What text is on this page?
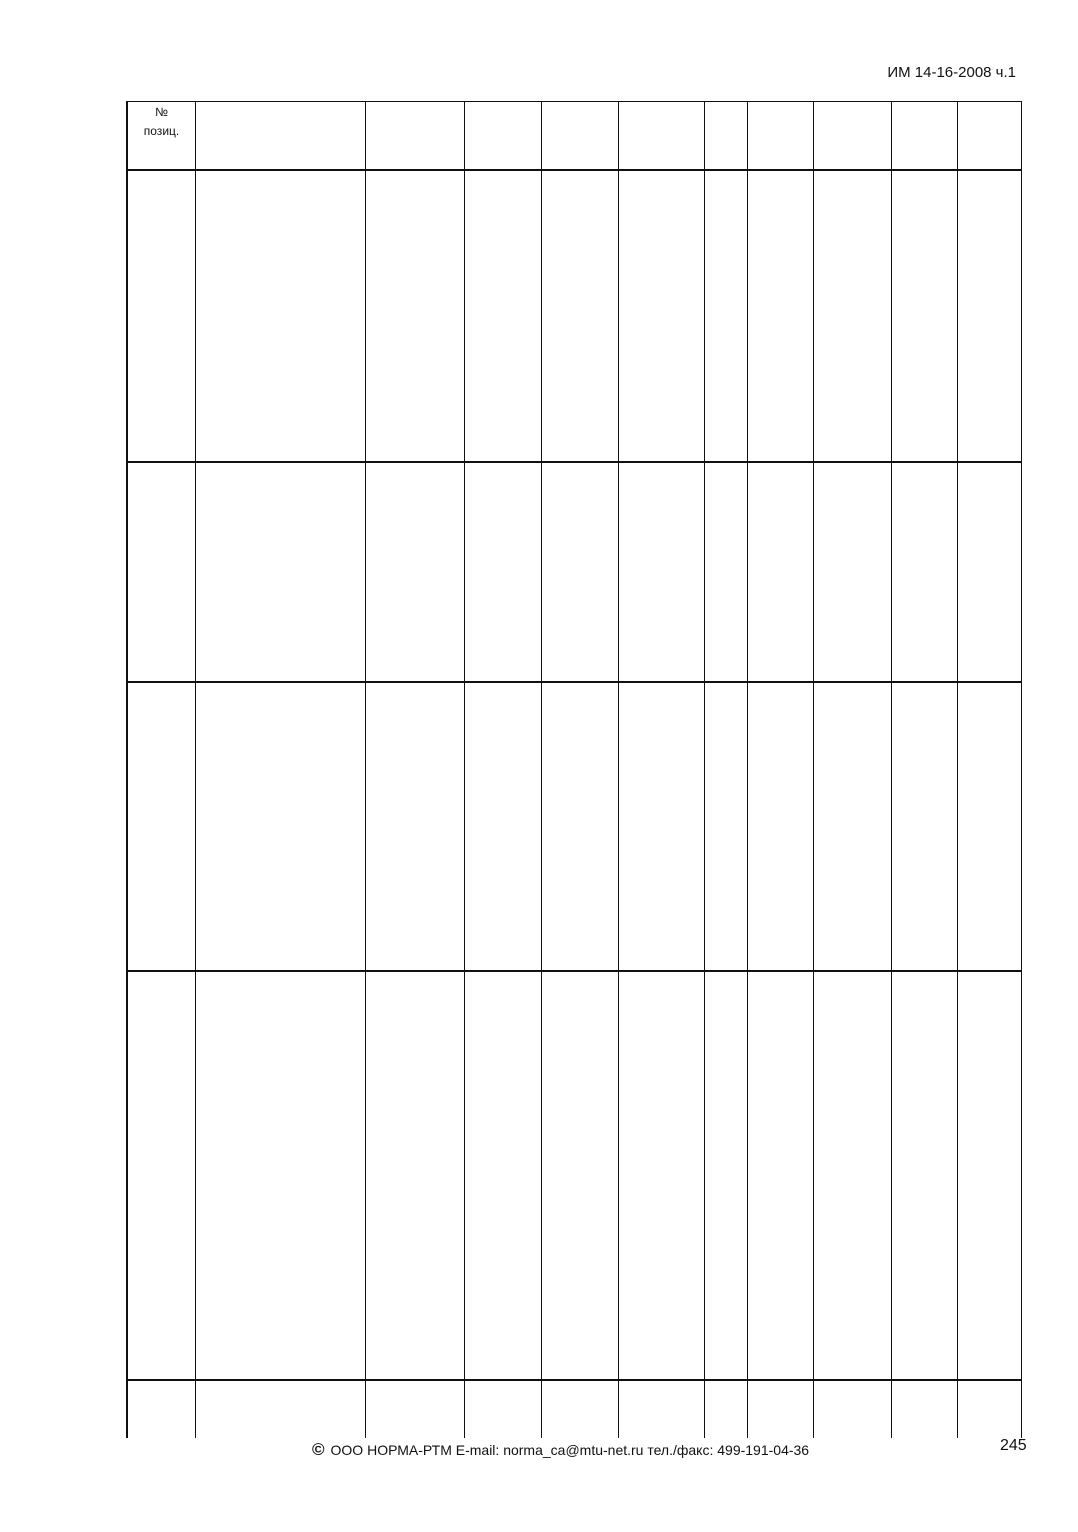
ИМ 14-16-2008 ч.1
№
позиц.
© ООО НОРМА-РТМ E-mail: norma_ca@mtu-net.ru тел./факс: 499-191-04-36	245
